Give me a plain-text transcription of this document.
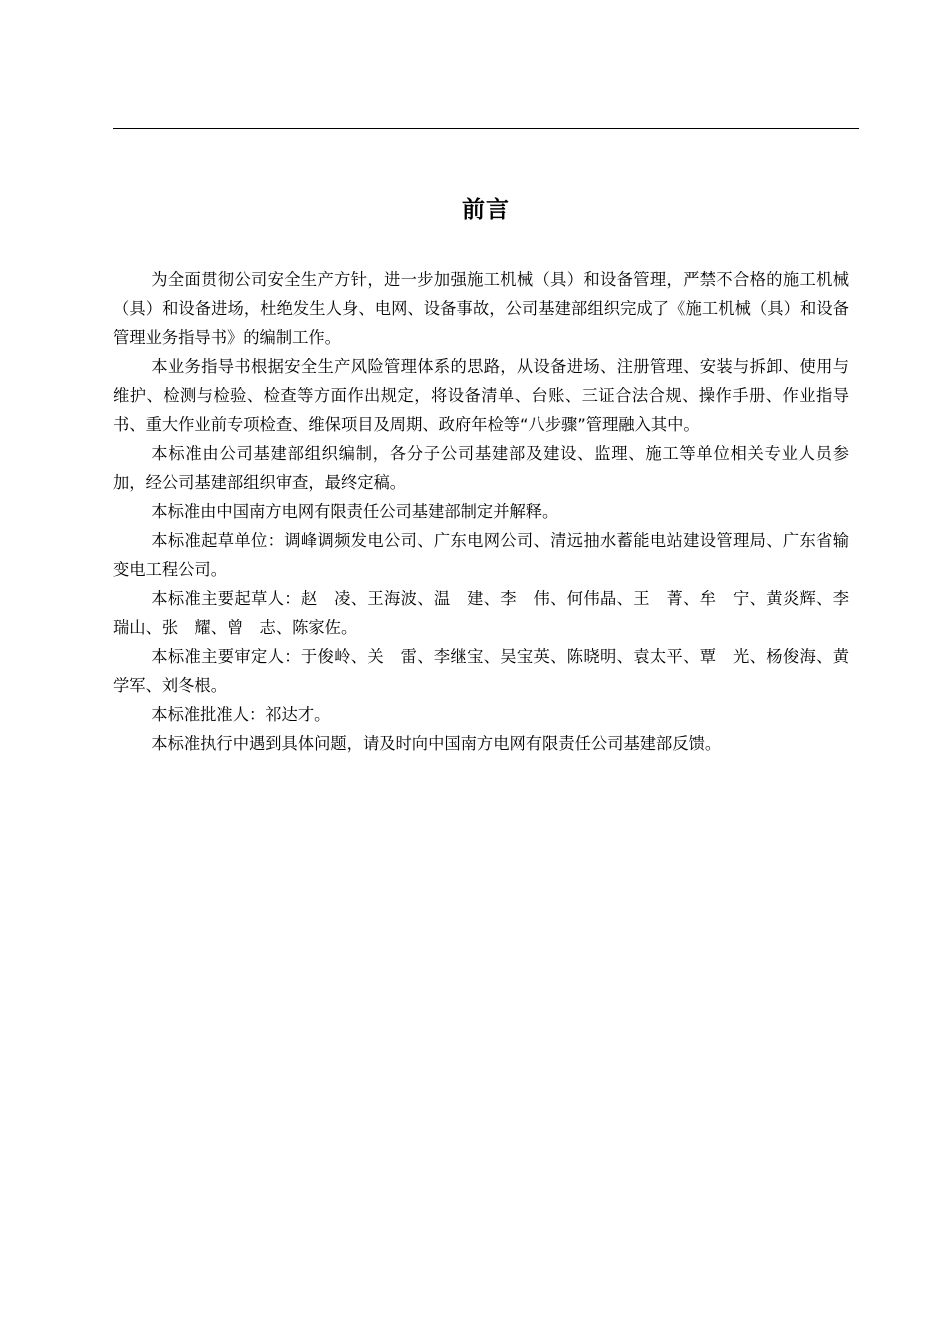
前言

为全面贯彻公司安全生产方针，进一步加强施工机械（具）和设备管理，严禁不合格的施工机械（具）和设备进场，杜绝发生人身、电网、设备事故，公司基建部组织完成了《施工机械（具）和设备管理业务指导书》的编制工作。

本业务指导书根据安全生产风险管理体系的思路，从设备进场、注册管理、安装与拆卸、使用与维护、检测与检验、检查等方面作出规定，将设备清单、台账、三证合法合规、操作手册、作业指导书、重大作业前专项检查、维保项目及周期、政府年检等“八步骤”管理融入其中。

本标准由公司基建部组织编制，各分子公司基建部及建设、监理、施工等单位相关专业人员参加，经公司基建部组织审查，最终定稿。

本标准由中国南方电网有限责任公司基建部制定并解释。

本标准起草单位：调峰调频发电公司、广东电网公司、清远抽水蓄能电站建设管理局、广东省输变电工程公司。

本标准主要起草人：赵　凌、王海波、温　建、李　伟、何伟晶、王　菁、牟　宁、黄炎辉、李瑞山、张　耀、曾　志、陈家佐。

本标准主要审定人：于俊岭、关　雷、李继宝、吴宝英、陈晓明、袁太平、覃　光、杨俊海、黄学军、刘冬根。

本标准批准人：祁达才。

本标准执行中遇到具体问题，请及时向中国南方电网有限责任公司基建部反馈。
